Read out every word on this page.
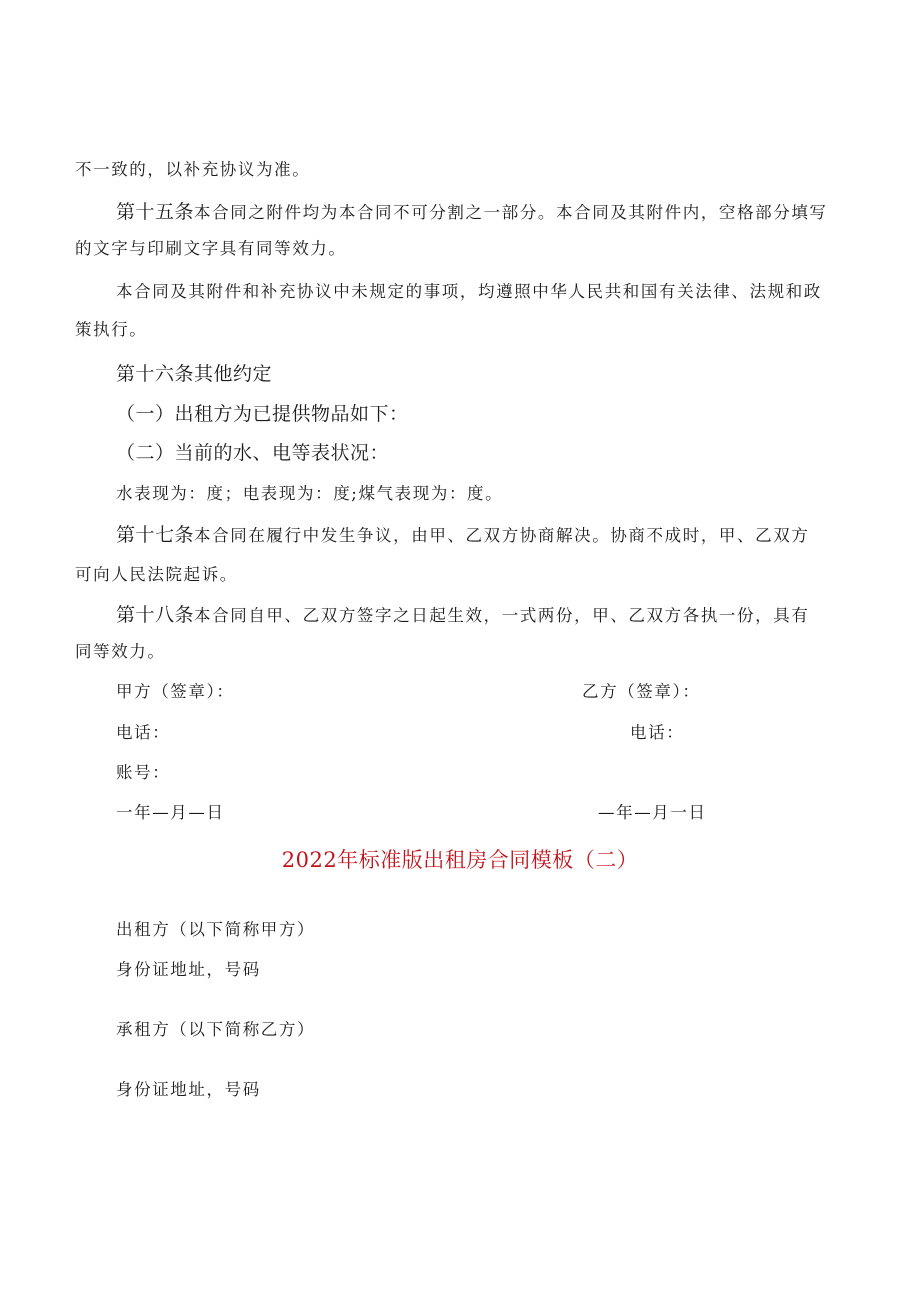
不一致的，以补充协议为准。
第十五条本合同之附件均为本合同不可分割之一部分。本合同及其附件内，空格部分填写
的文字与印刷文字具有同等效力。
本合同及其附件和补充协议中未规定的事项，均遵照中华人民共和国有关法律、法规和政
策执行。
第十六条其他约定
（一）出租方为已提供物品如下：
（二）当前的水、电等表状况：
水表现为：度；电表现为：度;煤气表现为：度。
第十七条本合同在履行中发生争议，由甲、乙双方协商解决。协商不成时，甲、乙双方
可向人民法院起诉。
第十八条本合同自甲、乙双方签字之日起生效，一式两份，甲、乙双方各执一份，具有
同等效力。
甲方（签章）：	乙方（签章）：
电话：	电话：
账号：
一年—月—日	—年—月一日
2022年标准版出租房合同模板（二）
出租方（以下简称甲方）
身份证地址，号码
承租方（以下简称乙方）
身份证地址，号码
